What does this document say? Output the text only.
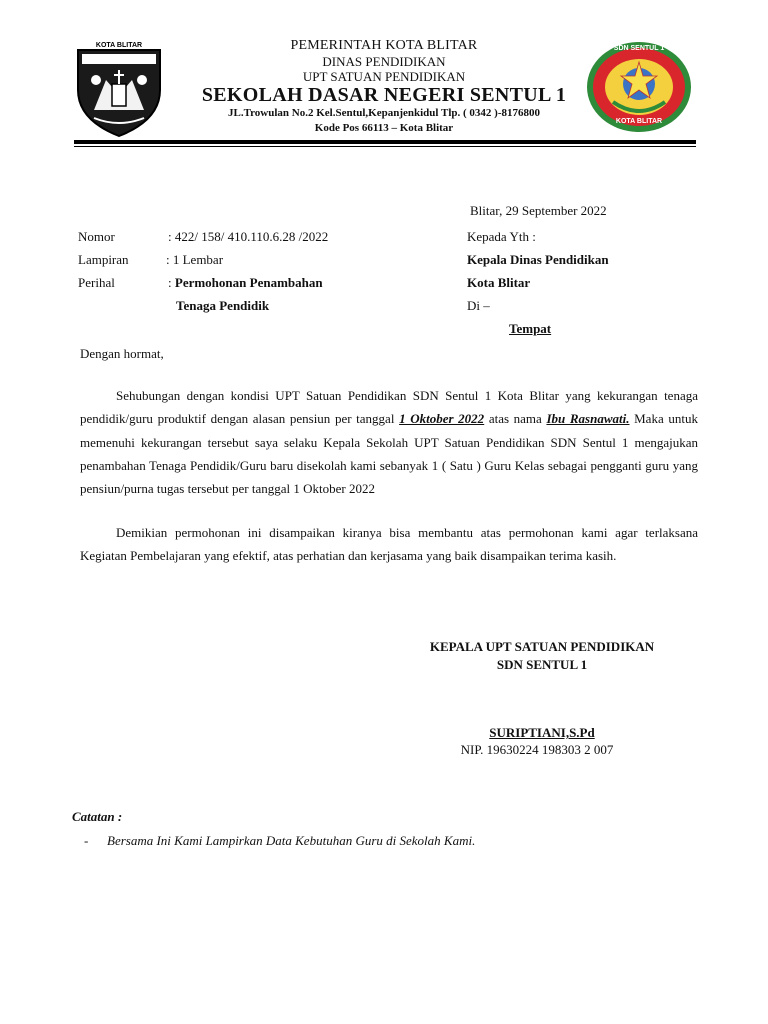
KOTA BLITAR	SDN SENTUL 1
KOTA BLITAR
PEMERINTAH KOTA BLITAR
DINAS PENDIDIKAN
UPT SATUAN PENDIDIKAN
SEKOLAH DASAR NEGERI SENTUL 1
JL.Trowulan No.2 Kel.Sentul,Kepanjenkidul Tlp. ( 0342 )-8176800
Kode Pos 66113 – Kota Blitar
Blitar, 29 September 2022
Nomor	: 422/ 158/ 410.110.6.28 /2022
Lampiran	: 1 Lembar
Perihal	: Permohonan Penambahan
Tenaga Pendidik
Kepada Yth :
Kepala Dinas Pendidikan
Kota Blitar
Di –
Tempat
Dengan hormat,
Sehubungan dengan kondisi UPT Satuan Pendidikan SDN Sentul 1 Kota Blitar yang kekurangan tenaga pendidik/guru produktif dengan alasan pensiun per tanggal 1 Oktober 2022 atas nama Ibu Rasnawati. Maka untuk memenuhi kekurangan tersebut saya selaku Kepala Sekolah UPT Satuan Pendidikan SDN Sentul 1 mengajukan penambahan Tenaga Pendidik/Guru baru disekolah kami sebanyak 1 ( Satu ) Guru Kelas sebagai pengganti guru yang pensiun/purna tugas tersebut per tanggal 1 Oktober 2022
Demikian permohonan ini disampaikan kiranya bisa membantu atas permohonan kami agar terlaksana Kegiatan Pembelajaran yang efektif, atas perhatian dan kerjasama yang baik disampaikan terima kasih.
KEPALA UPT SATUAN PENDIDIKAN
SDN SENTUL 1
SURIPTIANI,S.Pd
NIP. 19630224 198303 2 007
Catatan :
- Bersama Ini Kami Lampirkan Data Kebutuhan Guru di Sekolah Kami.
